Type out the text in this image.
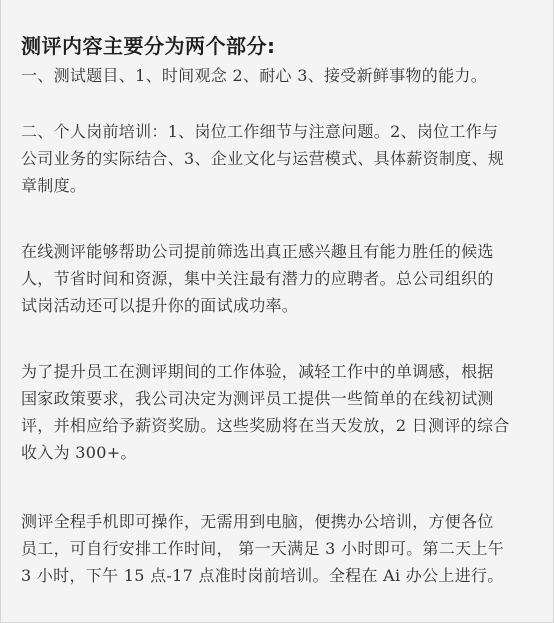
测评内容主要分为两个部分:

一、测试题目、1、时间观念 2、耐心 3、接受新鲜事物的能力。

二、个人岗前培训：1、岗位工作细节与注意问题。2、岗位工作与
公司业务的实际结合、3、企业文化与运营模式、具体薪资制度、规
章制度。

在线测评能够帮助公司提前筛选出真正感兴趣且有能力胜任的候选
人，节省时间和资源，集中关注最有潜力的应聘者。总公司组织的
试岗活动还可以提升你的面试成功率。

为了提升员工在测评期间的工作体验，减轻工作中的单调感，根据
国家政策要求，我公司决定为测评员工提供一些简单的在线初试测
评，并相应给予薪资奖励。这些奖励将在当天发放，2 日测评的综合
收入为 300+。

测评全程手机即可操作，无需用到电脑，便携办公培训，方便各位
员工，可自行安排工作时间， 第一天满足 3 小时即可。第二天上午
3 小时，下午 15 点-17 点准时岗前培训。全程在 Ai 办公上进行。
